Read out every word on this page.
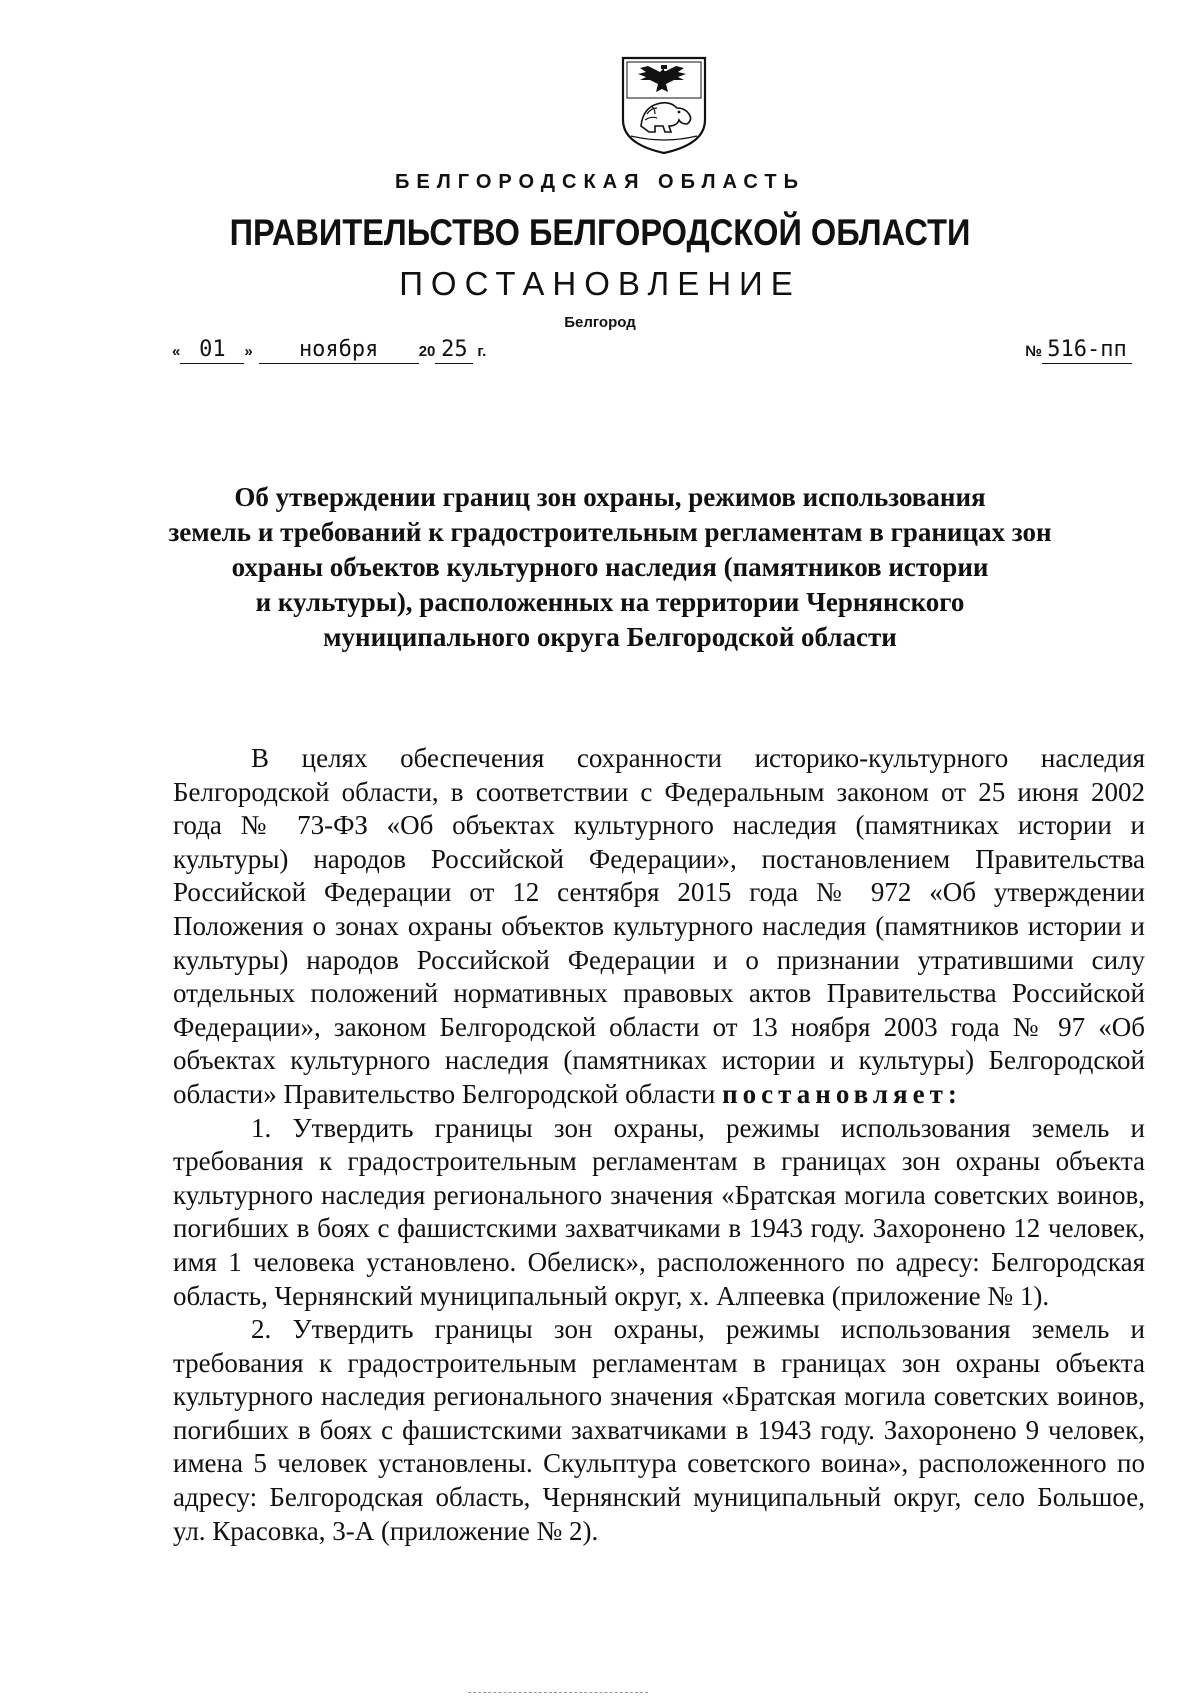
БЕЛГОРОДСКАЯ ОБЛАСТЬ
ПРАВИТЕЛЬСТВО БЕЛГОРОДСКОЙ ОБЛАСТИ
ПОСТАНОВЛЕНИЕ
Белгород
« 01 » ноября	20 25 г.	№ 516-пп
Об утверждении границ зон охраны, режимов использования
земель и требований к градостроительным регламентам в границах зон
охраны объектов культурного наследия (памятников истории
и культуры), расположенных на территории Чернянского
муниципального округа Белгородской области

В целях обеспечения сохранности историко-культурного наследия Белгородской области, в соответствии с Федеральным законом от 25 июня 2002 года № 73-ФЗ «Об объектах культурного наследия (памятниках истории и культуры) народов Российской Федерации», постановлением Правительства Российской Федерации от 12 сентября 2015 года № 972 «Об утверждении Положения о зонах охраны объектов культурного наследия (памятников истории и культуры) народов Российской Федерации и о признании утратившими силу отдельных положений нормативных правовых актов Правительства Российской Федерации», законом Белгородской области от 13 ноября 2003 года № 97 «Об объектах культурного наследия (памятниках истории и культуры) Белгородской области» Правительство Белгородской области постановляет:

1. Утвердить границы зон охраны, режимы использования земель и требования к градостроительным регламентам в границах зон охраны объекта культурного наследия регионального значения «Братская могила советских воинов, погибших в боях с фашистскими захватчиками в 1943 году. Захоронено 12 человек, имя 1 человека установлено. Обелиск», расположенного по адресу: Белгородская область, Чернянский муниципальный округ, х. Алпеевка (приложение № 1).

2. Утвердить границы зон охраны, режимы использования земель и требования к градостроительным регламентам в границах зон охраны объекта культурного наследия регионального значения «Братская могила советских воинов, погибших в боях с фашистскими захватчиками в 1943 году. Захоронено 9 человек, имена 5 человек установлены. Скульптура советского воина», расположенного по адресу: Белгородская область, Чернянский муниципальный округ, село Большое, ул. Красовка, 3-А (приложение № 2).
